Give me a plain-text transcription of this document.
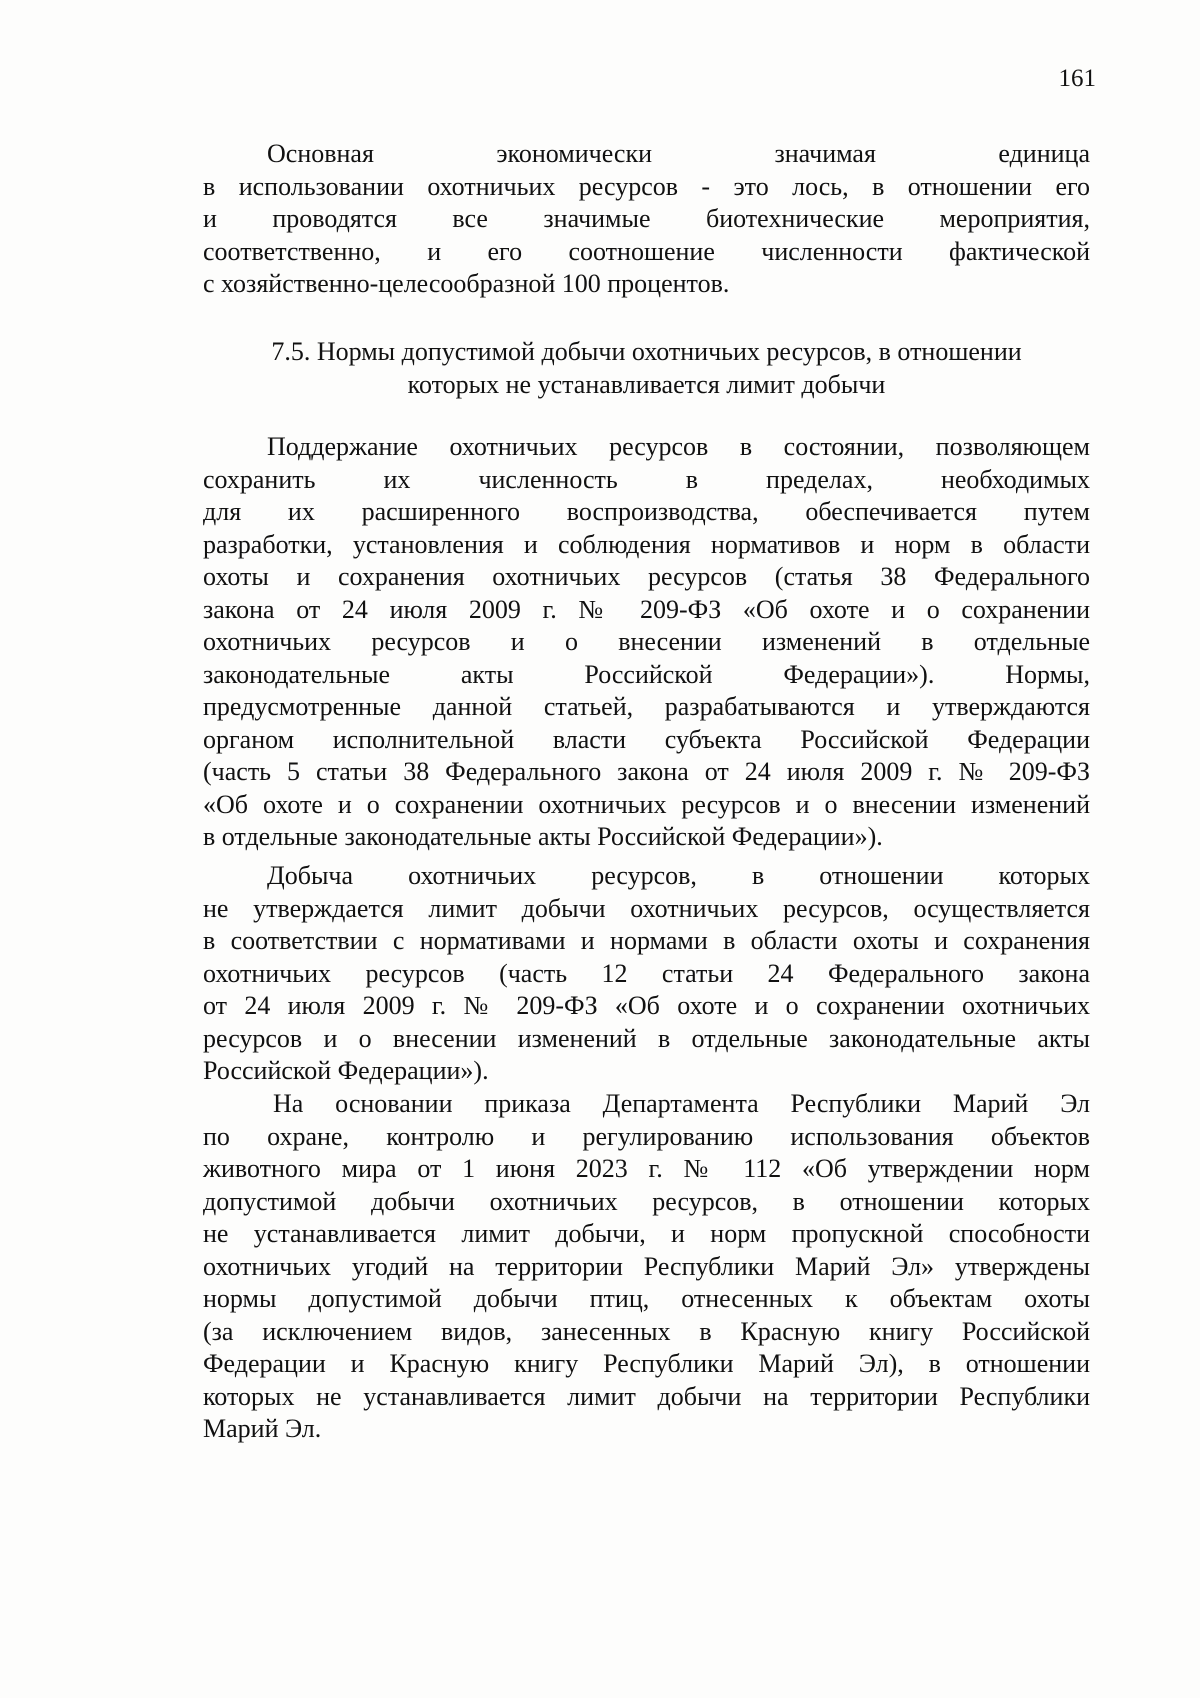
161
Основная экономически значимая единица
в использовании охотничьих ресурсов - это лось, в отношении его
и проводятся все значимые биотехнические мероприятия,
соответственно, и его соотношение численности фактической
с хозяйственно-целесообразной 100 процентов.
7.5. Нормы допустимой добычи охотничьих ресурсов, в отношении
которых не устанавливается лимит добычи
Поддержание охотничьих ресурсов в состоянии, позволяющем
сохранить их численность в пределах, необходимых
для их расширенного воспроизводства, обеспечивается путем
разработки, установления и соблюдения нормативов и норм в области
охоты и сохранения охотничьих ресурсов (статья 38 Федерального
закона от 24 июля 2009 г. № 209-ФЗ «Об охоте и о сохранении
охотничьих ресурсов и о внесении изменений в отдельные
законодательные акты Российской Федерации»). Нормы,
предусмотренные данной статьей, разрабатываются и утверждаются
органом исполнительной власти субъекта Российской Федерации
(часть 5 статьи 38 Федерального закона от 24 июля 2009 г. № 209-ФЗ
«Об охоте и о сохранении охотничьих ресурсов и о внесении изменений
в отдельные законодательные акты Российской Федерации»).
Добыча охотничьих ресурсов, в отношении которых
не утверждается лимит добычи охотничьих ресурсов, осуществляется
в соответствии с нормативами и нормами в области охоты и сохранения
охотничьих ресурсов (часть 12 статьи 24 Федерального закона
от 24 июля 2009 г. № 209-ФЗ «Об охоте и о сохранении охотничьих
ресурсов и о внесении изменений в отдельные законодательные акты
Российской Федерации»).
На основании приказа Департамента Республики Марий Эл
по охране, контролю и регулированию использования объектов
животного мира от 1 июня 2023 г. № 112 «Об утверждении норм
допустимой добычи охотничьих ресурсов, в отношении которых
не устанавливается лимит добычи, и норм пропускной способности
охотничьих угодий на территории Республики Марий Эл» утверждены
нормы допустимой добычи птиц, отнесенных к объектам охоты
(за исключением видов, занесенных в Красную книгу Российской
Федерации и Красную книгу Республики Марий Эл), в отношении
которых не устанавливается лимит добычи на территории Республики
Марий Эл.
